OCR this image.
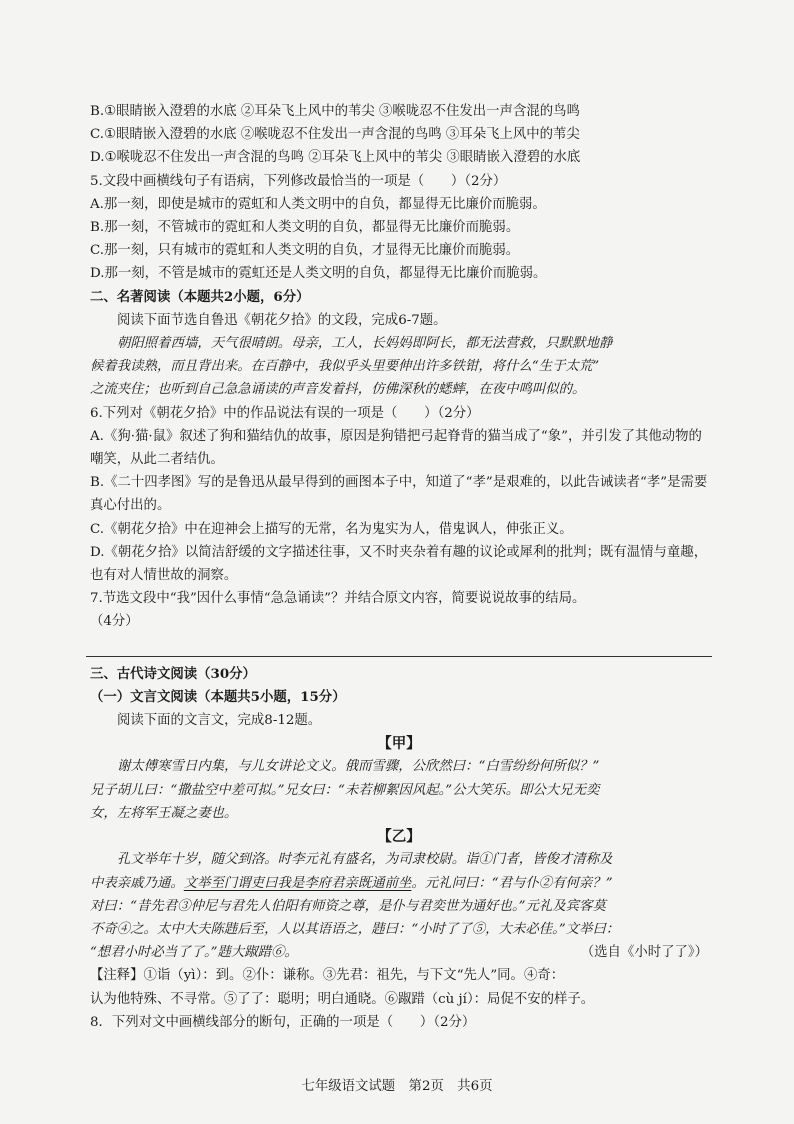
B.①眼睛嵌入澄碧的水底 ②耳朵飞上风中的苇尖 ③喉咙忍不住发出一声含混的鸟鸣
C.①眼睛嵌入澄碧的水底 ②喉咙忍不住发出一声含混的鸟鸣 ③耳朵飞上风中的苇尖
D.①喉咙忍不住发出一声含混的鸟鸣 ②耳朵飞上风中的苇尖 ③眼睛嵌入澄碧的水底
5.文段中画横线句子有语病，下列修改最恰当的一项是（　　）（2分）
A.那一刻，即使是城市的霓虹和人类文明中的自负，都显得无比廉价而脆弱。
B.那一刻，不管城市的霓虹和人类文明的自负，都显得无比廉价而脆弱。
C.那一刻，只有城市的霓虹和人类文明的自负，才显得无比廉价而脆弱。
D.那一刻，不管是城市的霓虹还是人类文明的自负，都显得无比廉价而脆弱。
二、名著阅读（本题共2小题，6分）
阅读下面节选自鲁迅《朝花夕拾》的文段，完成6-7题。
朝阳照着西墙，天气很晴朗。母亲，工人，长妈妈即阿长，都无法营救，只默默地静
候着我读熟，而且背出来。在百静中，我似乎头里要伸出许多铁钳，将什么“生于太荒”
之流夹住；也听到自己急急诵读的声音发着抖，仿佛深秋的蟋蟀，在夜中鸣叫似的。
6.下列对《朝花夕拾》中的作品说法有误的一项是（　　）（2分）
A.《狗·猫·鼠》叙述了狗和猫结仇的故事，原因是狗错把弓起脊背的猫当成了“象”，并引发了其他动物的嘲笑，从此二者结仇。
B.《二十四孝图》写的是鲁迅从最早得到的画图本子中，知道了“孝”是艰难的，以此告诫读者“孝”是需要真心付出的。
C.《朝花夕拾》中在迎神会上描写的无常，名为鬼实为人，借鬼讽人，伸张正义。
D.《朝花夕拾》以简洁舒缓的文字描述往事，又不时夹杂着有趣的议论或犀利的批判；既有温情与童趣，也有对人情世故的洞察。
7.节选文段中“我”因什么事情“急急诵读”？并结合原文内容，简要说说故事的结局。
（4分）
三、古代诗文阅读（30分）
（一）文言文阅读（本题共5小题，15分）
阅读下面的文言文，完成8-12题。
【甲】
谢太傅寒雪日内集，与儿女讲论文义。俄而雪骤，公欣然曰：“白雪纷纷何所似？”
兄子胡儿曰：“撒盐空中差可拟。”兄女曰：“未若柳絮因风起。”公大笑乐。即公大兄无奕
女，左将军王凝之妻也。
【乙】
孔文举年十岁，随父到洛。时李元礼有盛名，为司隶校尉。诣①门者，皆俊才清称及
中表亲戚乃通。文举至门谓吏曰我是李府君亲既通前坐。元礼问曰：“君与仆②有何亲？”
对曰：“昔先君③仲尼与君先人伯阳有师资之尊，是仆与君奕世为通好也。”元礼及宾客莫
不奇④之。太中大夫陈韪后至，人以其语语之，韪曰：“小时了了⑤，大未必佳。”文举曰：
“想君小时必当了了。”韪大踧踖⑥。	（选自《小时了了》）
【注释】①诣（yì）：到。②仆：谦称。③先君：祖先，与下文“先人”同。④奇：
认为他特殊、不寻常。⑤了了：聪明；明白通晓。⑥踧踖（cù jí）：局促不安的样子。
8．下列对文中画横线部分的断句，正确的一项是（　　）（2分）
七年级语文试题　第2页　共6页
